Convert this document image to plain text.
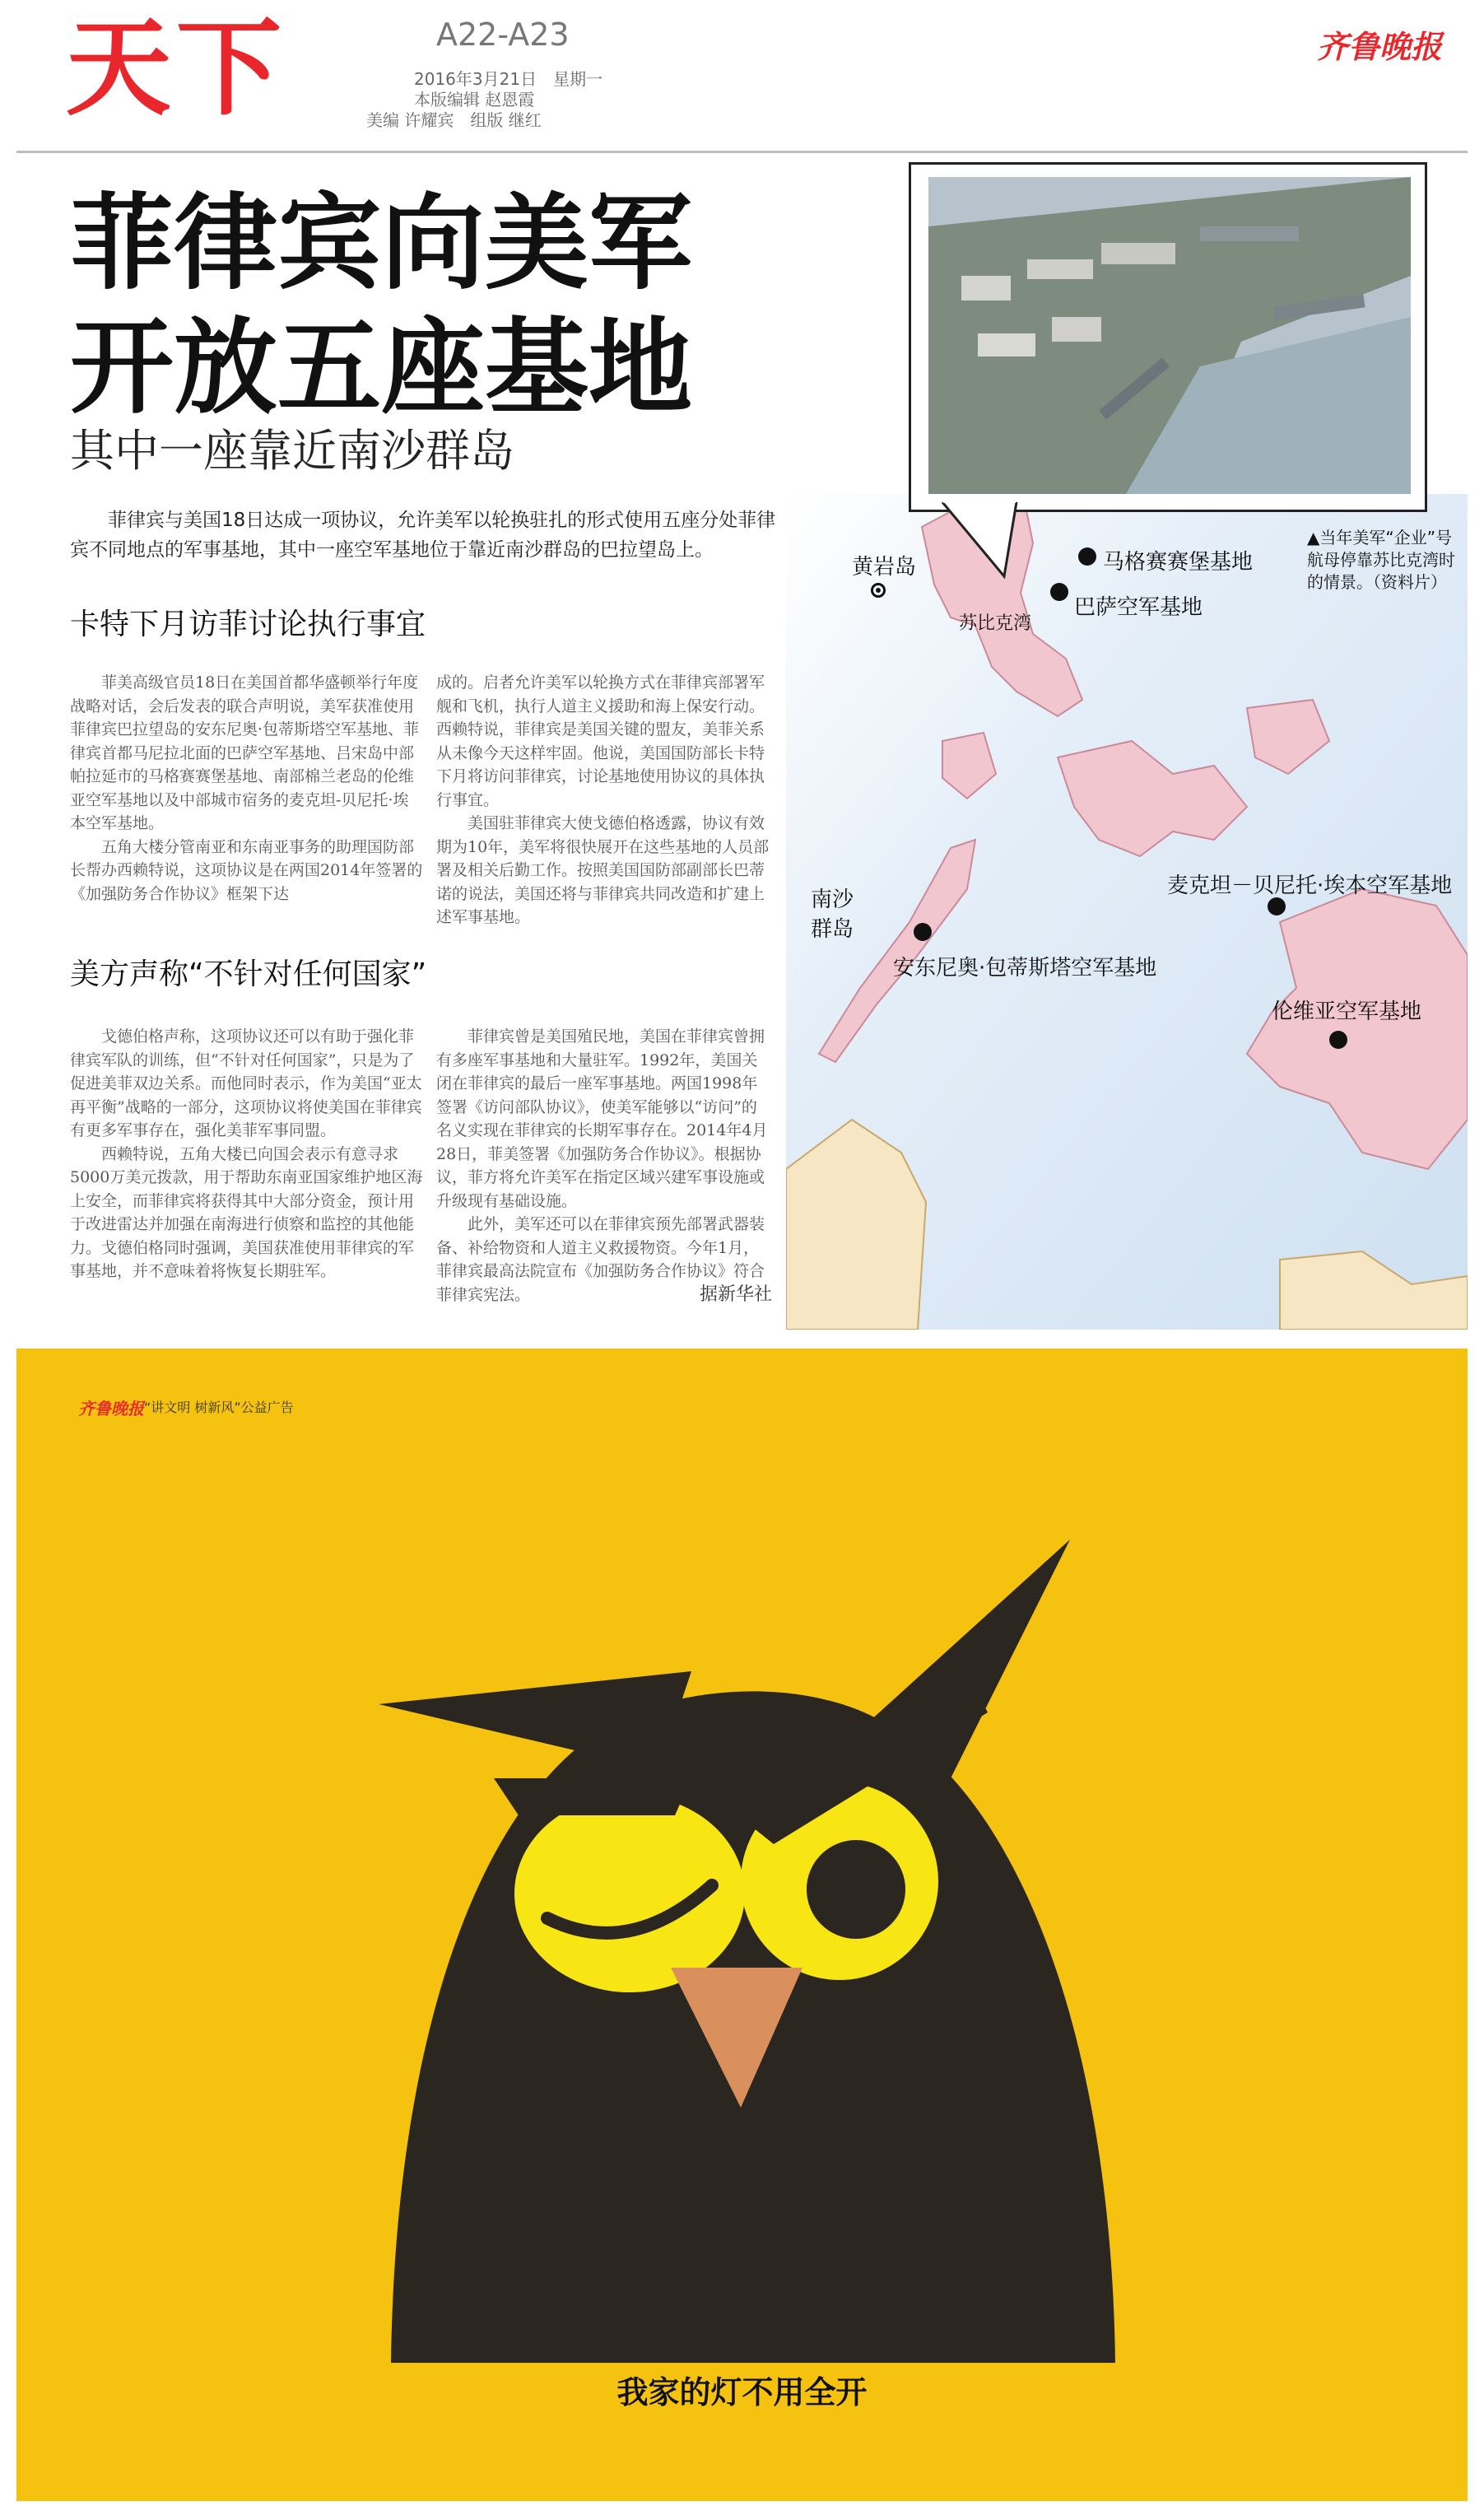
天下	A22-A23
2016年3月21日　星期一
本版编辑 赵恩霞
美编 许耀宾　组版 继红
齐鲁晚报
菲律宾向美军
开放五座基地
其中一座靠近南沙群岛
菲律宾与美国18日达成一项协议，允许美军以轮换驻扎的形式使用五座分处菲律宾不同地点的军事基地，其中一座空军基地位于靠近南沙群岛的巴拉望岛上。
卡特下月访菲讨论执行事宜

菲美高级官员18日在美国首都华盛顿举行年度战略对话，会后发表的联合声明说，美军获准使用菲律宾巴拉望岛的安东尼奥·包蒂斯塔空军基地、菲律宾首都马尼拉北面的巴萨空军基地、吕宋岛中部帕拉延市的马格赛赛堡基地、南部棉兰老岛的伦维亚空军基地以及中部城市宿务的麦克坦-贝尼托·埃本空军基地。

五角大楼分管南亚和东南亚事务的助理国防部长帮办西赖特说，这项协议是在两国2014年签署的《加强防务合作协议》框架下达

成的。启者允许美军以轮换方式在菲律宾部署军舰和飞机，执行人道主义援助和海上保安行动。西赖特说，菲律宾是美国关键的盟友，美菲关系从未像今天这样牢固。他说，美国国防部长卡特下月将访问菲律宾，讨论基地使用协议的具体执行事宜。

美国驻菲律宾大使戈德伯格透露，协议有效期为10年，美军将很快展开在这些基地的人员部署及相关后勤工作。按照美国国防部副部长巴蒂诺的说法，美国还将与菲律宾共同改造和扩建上述军事基地。

美方声称“不针对任何国家”

戈德伯格声称，这项协议还可以有助于强化菲律宾军队的训练，但“不针对任何国家”，只是为了促进美菲双边关系。而他同时表示，作为美国“亚太再平衡”战略的一部分，这项协议将使美国在菲律宾有更多军事存在，强化美菲军事同盟。

西赖特说，五角大楼已向国会表示有意寻求5000万美元拨款，用于帮助东南亚国家维护地区海上安全，而菲律宾将获得其中大部分资金，预计用于改进雷达并加强在南海进行侦察和监控的其他能力。戈德伯格同时强调，美国获准使用菲律宾的军事基地，并不意味着将恢复长期驻军。

菲律宾曾是美国殖民地，美国在菲律宾曾拥有多座军事基地和大量驻军。1992年，美国关闭在菲律宾的最后一座军事基地。两国1998年签署《访问部队协议》，使美军能够以“访问”的名义实现在菲律宾的长期军事存在。2014年4月28日，菲美签署《加强防务合作协议》。根据协议，菲方将允许美军在指定区域兴建军事设施或升级现有基础设施。

此外，美军还可以在菲律宾预先部署武器装备、补给物资和人道主义救援物资。今年1月，菲律宾最高法院宣布《加强防务合作协议》符合菲律宾宪法。	据新华社
黄岩岛
苏比克湾
马格赛赛堡基地
巴萨空军基地
南沙群岛
安东尼奥·包蒂斯塔空军基地
麦克坦－贝尼托·埃本空军基地
伦维亚空军基地
▲当年美军“企业”号航母停靠苏比克湾时的情景。（资料片）
齐鲁晚报 “讲文明 树新风”公益广告
我家的灯不用全开
